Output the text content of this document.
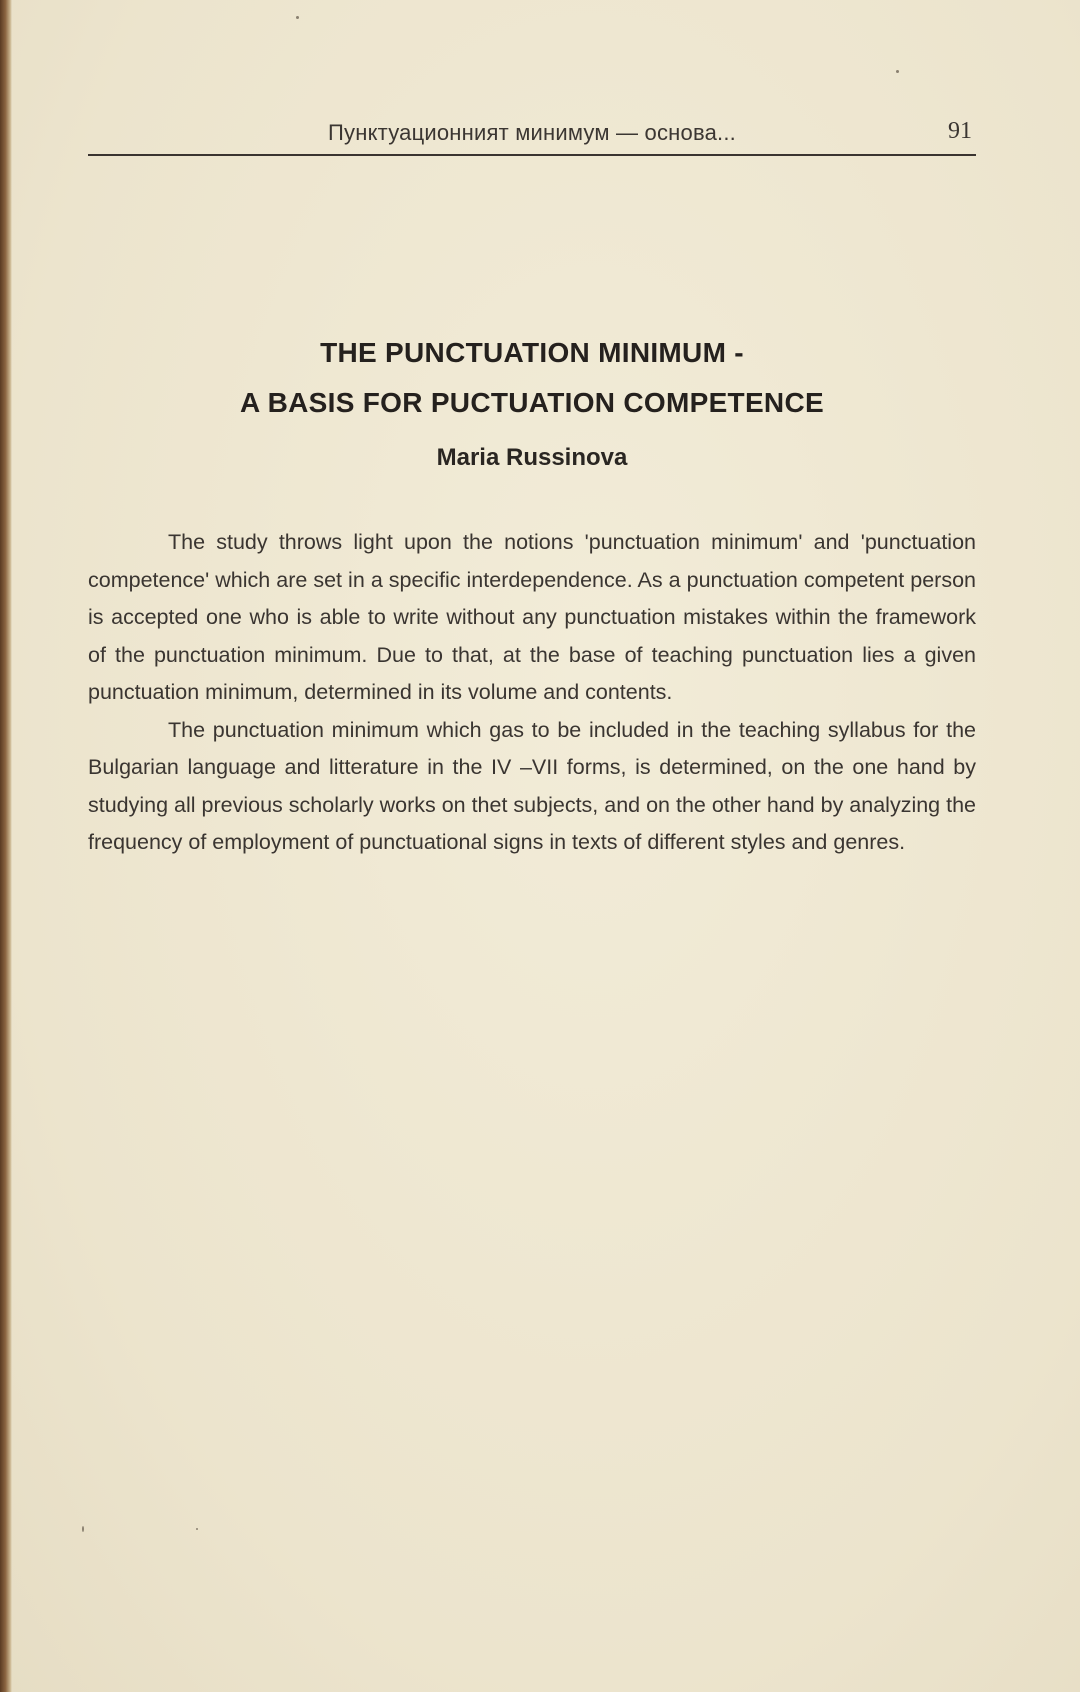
Пунктуационният минимум — основа...	91
THE PUNCTUATION MINIMUM -
A BASIS FOR PUCTUATION COMPETENCE
Maria Russinova

The study throws light upon the notions 'punctuation minimum' and 'punctuation competence' which are set in a specific interdependence. As a punctuation competent person is accepted one who is able to write without any punctuation mistakes within the framework of the punctuation minimum. Due to that, at the base of teaching punctuation lies a given punctuation minimum, determined in its volume and contents.

The punctuation minimum which gas to be included in the teaching syllabus for the Bulgarian language and litterature in the IV –VII forms, is determined, on the one hand by studying all previous scholarly works on thet subjects, and on the other hand by analyzing the frequency of employment of punctuational signs in texts of different styles and genres.
